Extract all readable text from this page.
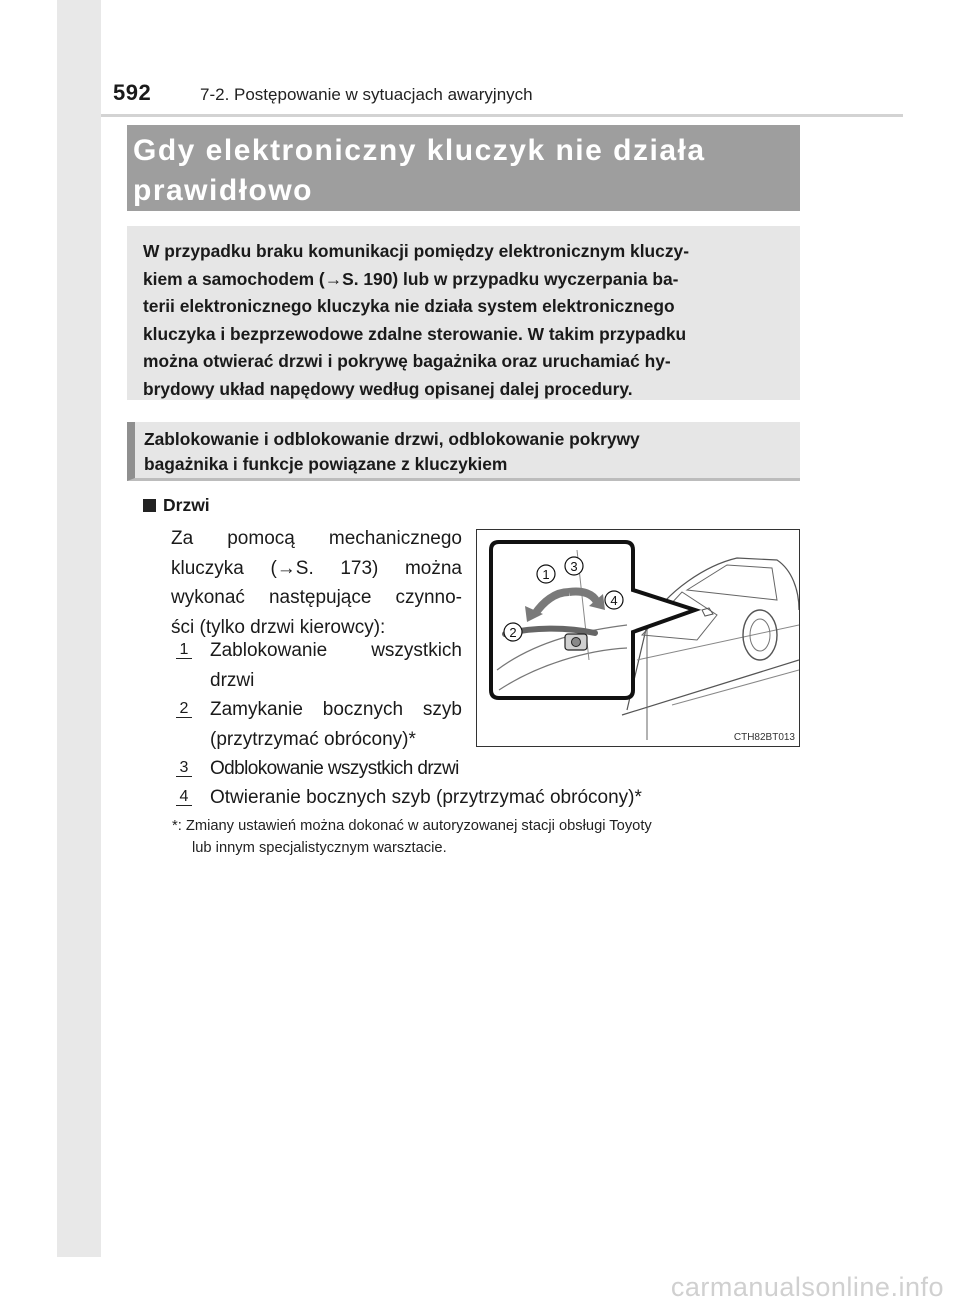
592	7-2. Postępowanie w sytuacjach awaryjnych
Gdy elektroniczny kluczyk nie działa
prawidłowo

W przypadku braku komunikacji pomiędzy elektronicznym kluczy-
kiem a samochodem (→S. 190) lub w przypadku wyczerpania ba-
terii elektronicznego kluczyka nie działa system elektronicznego
kluczyka i bezprzewodowe zdalne sterowanie. W takim przypadku
można otwierać drzwi i pokrywę bagażnika oraz uruchamiać hy-
brydowy układ napędowy według opisanej dalej procedury.

Zablokowanie i odblokowanie drzwi, odblokowanie pokrywy
bagażnika i funkcje powiązane z kluczykiem

Drzwi
Za pomocą mechanicznego
kluczyka (→S. 173) można
wykonać następujące czynno-
ści (tylko drzwi kierowcy):
1 Zablokowanie wszystkich
drzwi
2 Zamykanie bocznych szyb
(przytrzymać obrócony)*
3 Odblokowanie wszystkich drzwi
4 Otwieranie bocznych szyb (przytrzymać obrócony)*
*: Zmiany ustawień można dokonać w autoryzowanej stacji obsługi Toyoty
lub innym specjalistycznym warsztacie.
1
3
4
2
CTH82BT013
carmanualsonline.info
